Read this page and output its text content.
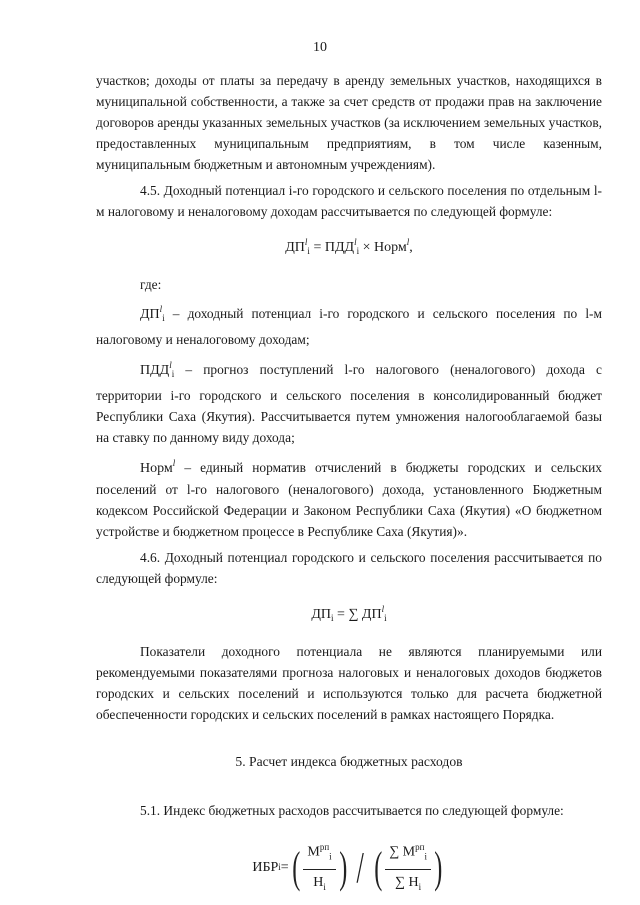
10

участков; доходы от платы за передачу в аренду земельных участков, находящихся в муниципальной собственности, а также за счет средств от продажи прав на заключение договоров аренды указанных земельных участков (за исключением земельных участков, предоставленных муниципальным предприятиям, в том числе казенным, муниципальным бюджетным и автономным учреждениям).

4.5. Доходный потенциал i-го городского и сельского поселения по отдельным l-м налоговому и неналоговому доходам рассчитывается по следующей формуле:

$ДП^l_i = ПДД^l_i$ × Норм$^l$,

где:

$ДП^l_i$ – доходный потенциал i-го городского и сельского поселения по l-м налоговому и неналоговому доходам;

$ПДД^l_i$ – прогноз поступлений l-го налогового (неналогового) дохода с территории i-го городского и сельского поселения в консолидированный бюджет Республики Саха (Якутия). Рассчитывается путем умножения налогооблагаемой базы на ставку по данному виду дохода;

Норм$^l$ – единый норматив отчислений в бюджеты городских и сельских поселений от l-го налогового (неналогового) дохода, установленного Бюджетным кодексом Российской Федерации и Законом Республики Саха (Якутия) «О бюджетном устройстве и бюджетном процессе в Республике Саха (Якутия)».

4.6. Доходный потенциал городского и сельского поселения рассчитывается по следующей формуле:

$ДП_i$ = ∑ $ДП^l_i$

Показатели доходного потенциала не являются планируемыми или рекомендуемыми показателями прогноза налоговых и неналоговых доходов бюджетов городских и сельских поселений и используются только для расчета бюджетной обеспеченности городских и сельских поселений в рамках настоящего Порядка.

5. Расчет индекса бюджетных расходов

5.1. Индекс бюджетных расходов рассчитывается по следующей формуле:

ИБР i = ( $\frac{М^{рп}_i}{Н_i}$ ) / ( $\frac{\sum М^{рп}_i}{\sum Н_i}$ )
